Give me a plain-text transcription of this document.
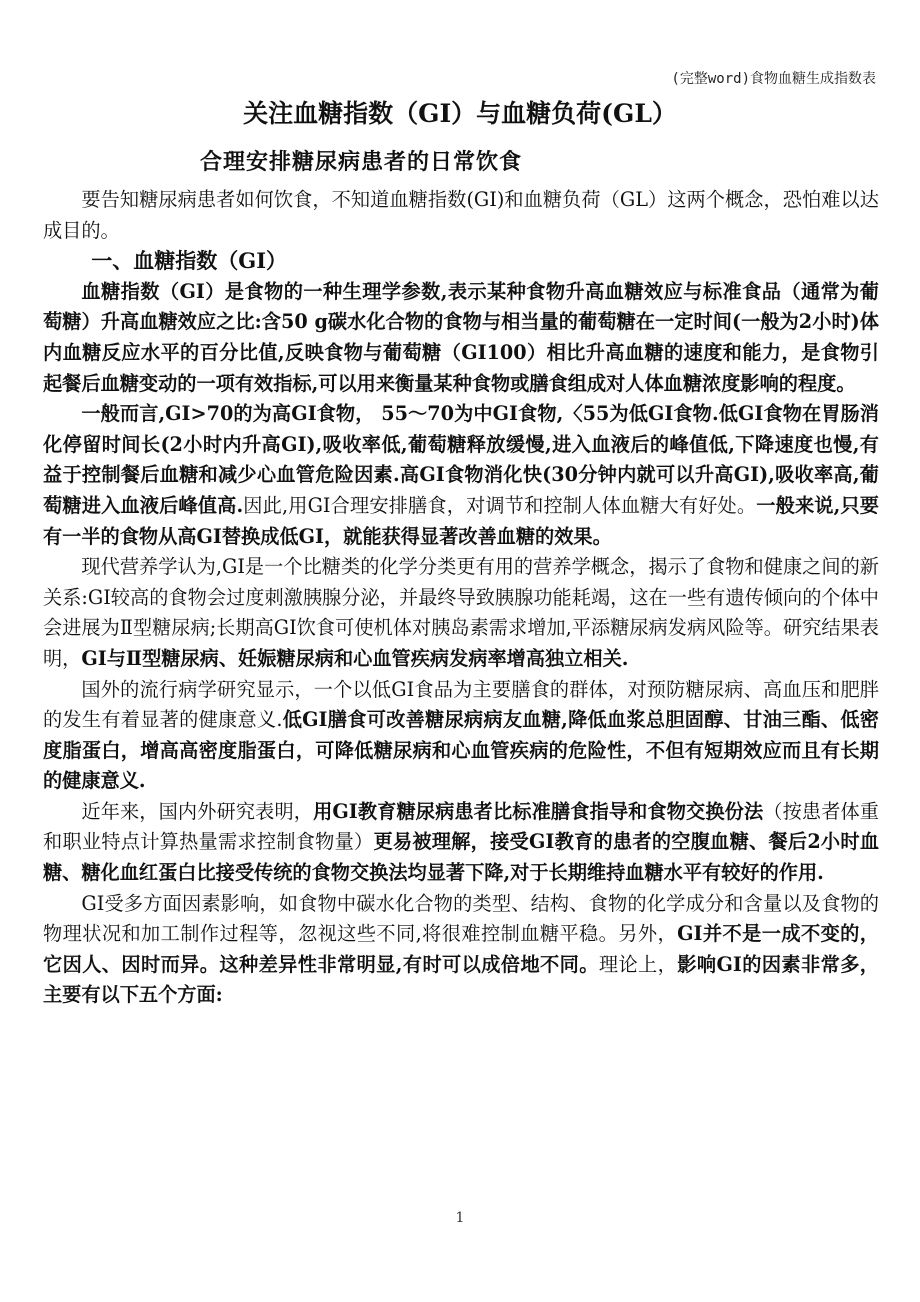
(完整word)食物血糖生成指数表
关注血糖指数（GI）与血糖负荷(GL）
合理安排糖尿病患者的日常饮食

要告知糖尿病患者如何饮食，不知道血糖指数(GI)和血糖负荷（GL）这两个概念，恐怕难以达成目的。

一、血糖指数（GI）

血糖指数（GI）是食物的一种生理学参数,表示某种食物升高血糖效应与标准食品（通常为葡萄糖）升高血糖效应之比:含50 g碳水化合物的食物与相当量的葡萄糖在一定时间(一般为2小时)体内血糖反应水平的百分比值,反映食物与葡萄糖（GI100）相比升高血糖的速度和能力，是食物引起餐后血糖变动的一项有效指标,可以用来衡量某种食物或膳食组成对人体血糖浓度影响的程度。

一般而言,GI>70的为高GI食物， 55～70为中GI食物,〈55为低GI食物.低GI食物在胃肠消化停留时间长(2小时内升高GI),吸收率低,葡萄糖释放缓慢,进入血液后的峰值低,下降速度也慢,有益于控制餐后血糖和减少心血管危险因素.高GI食物消化快(30分钟内就可以升高GI),吸收率高,葡萄糖进入血液后峰值高.因此,用GI合理安排膳食，对调节和控制人体血糖大有好处。一般来说,只要有一半的食物从高GI替换成低GI，就能获得显著改善血糖的效果。

现代营养学认为,GI是一个比糖类的化学分类更有用的营养学概念，揭示了食物和健康之间的新关系:GI较高的食物会过度刺激胰腺分泌，并最终导致胰腺功能耗竭，这在一些有遗传倾向的个体中会进展为Ⅱ型糖尿病;长期高GI饮食可使机体对胰岛素需求增加,平添糖尿病发病风险等。研究结果表明，GI与Ⅱ型糖尿病、妊娠糖尿病和心血管疾病发病率增高独立相关.

国外的流行病学研究显示，一个以低GI食品为主要膳食的群体，对预防糖尿病、高血压和肥胖的发生有着显著的健康意义.低GI膳食可改善糖尿病病友血糖,降低血浆总胆固醇、甘油三酯、低密度脂蛋白，增高高密度脂蛋白，可降低糖尿病和心血管疾病的危险性，不但有短期效应而且有长期的健康意义.

近年来，国内外研究表明，用GI教育糖尿病患者比标准膳食指导和食物交换份法（按患者体重和职业特点计算热量需求控制食物量）更易被理解，接受GI教育的患者的空腹血糖、餐后2小时血糖、糖化血红蛋白比接受传统的食物交换法均显著下降,对于长期维持血糖水平有较好的作用.

GI受多方面因素影响，如食物中碳水化合物的类型、结构、食物的化学成分和含量以及食物的物理状况和加工制作过程等，忽视这些不同,将很难控制血糖平稳。另外，GI并不是一成不变的，它因人、因时而异。这种差异性非常明显,有时可以成倍地不同。理论上，影响GI的因素非常多，主要有以下五个方面:

1
